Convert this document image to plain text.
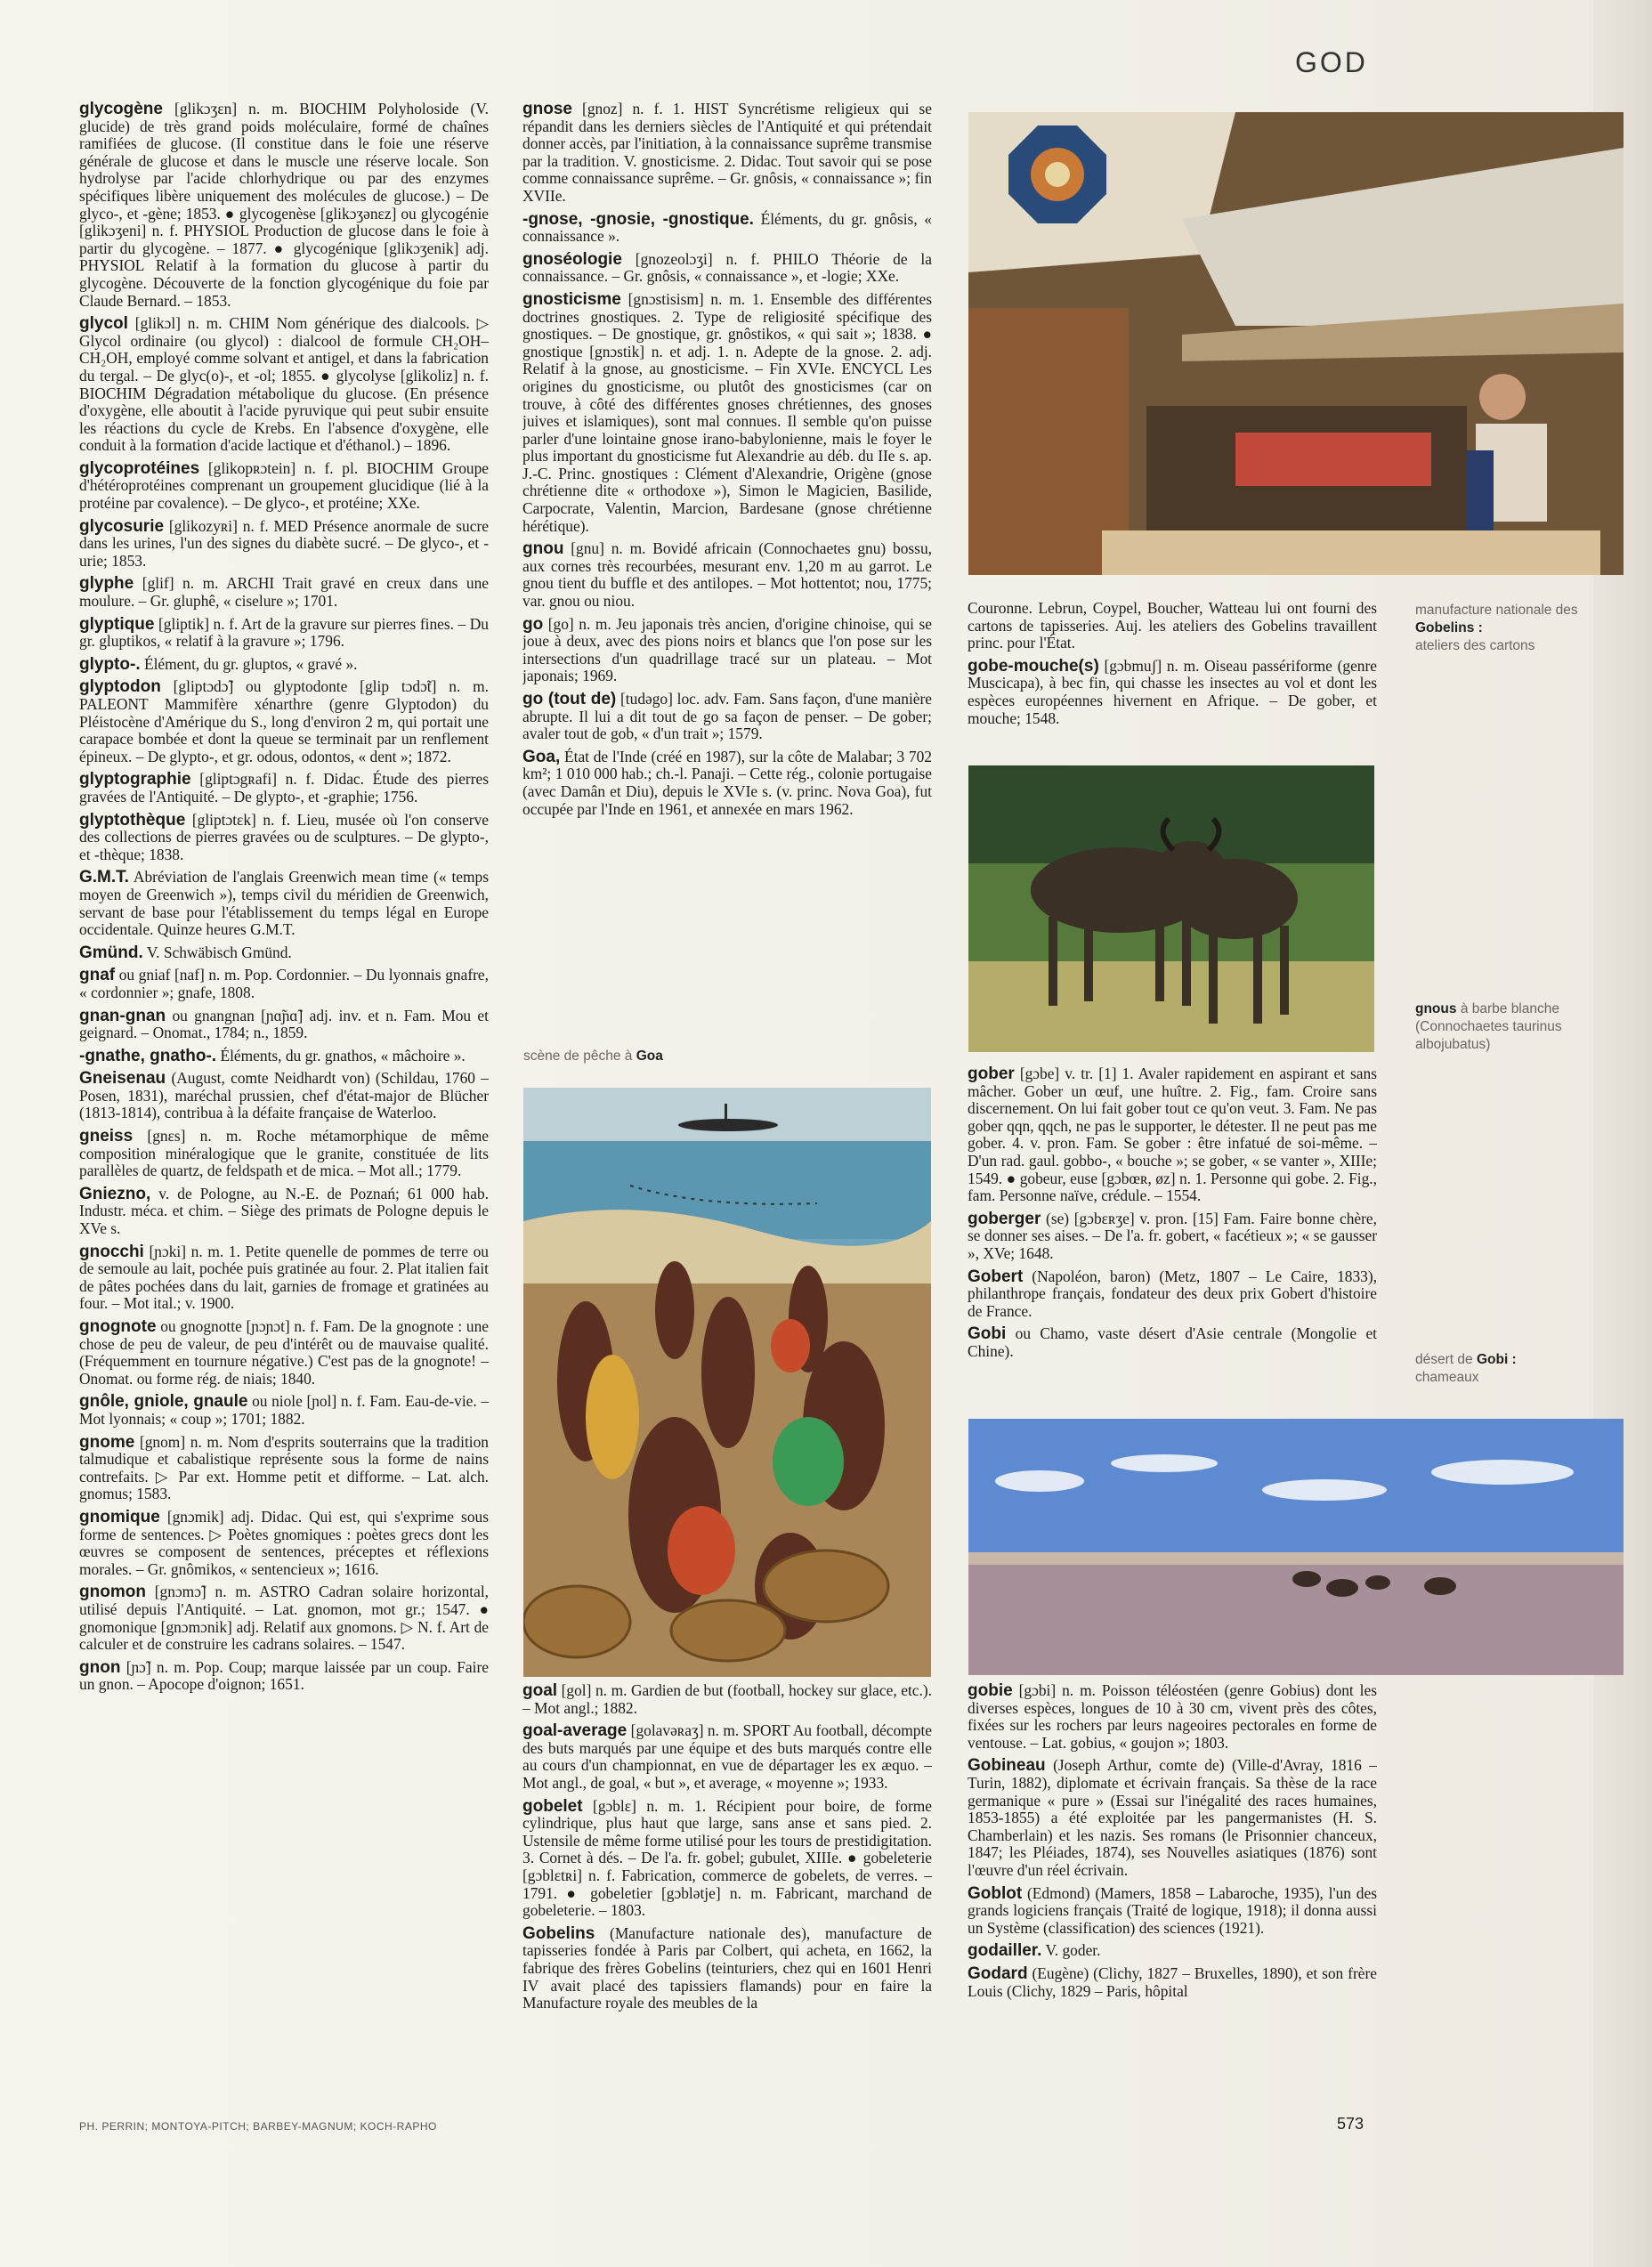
GOD

glycogène [glikɔʒɛn] n. m. BIOCHIM Polyholoside (V. glucide) de très grand poids moléculaire, formé de chaînes ramifiées de glucose. (Il constitue dans le foie une réserve générale de glucose et dans le muscle une réserve locale. Son hydrolyse par l'acide chlorhydrique ou par des enzymes spécifiques libère uniquement des molécules de glucose.) – De glyco-, et -gène; 1853. ● glycogenèse [glikɔʒənɛz] ou glycogénie [glikɔʒeni] n. f. PHYSIOL Production de glucose dans le foie à partir du glycogène. – 1877. ● glycogénique [glikɔʒenik] adj. PHYSIOL Relatif à la formation du glucose à partir du glycogène. Découverte de la fonction glycogénique du foie par Claude Bernard. – 1853.

glycol [glikɔl] n. m. CHIM Nom générique des dialcools. ▷ Glycol ordinaire (ou glycol) : dialcool de formule CH₂OH–CH₂OH, employé comme solvant et antigel, et dans la fabrication du tergal. – De glyc(o)-, et -ol; 1855. ● glycolyse [glikoliz] n. f. BIOCHIM Dégradation métabolique du glucose. (En présence d'oxygène, elle aboutit à l'acide pyruvique qui peut subir ensuite les réactions du cycle de Krebs. En l'absence d'oxygène, elle conduit à la formation d'acide lactique et d'éthanol.) – 1896.

glycoprotéines [glikopʀɔtein] n. f. pl. BIOCHIM Groupe d'hétéroprotéines comprenant un groupement glucidique (lié à la protéine par covalence). – De glyco-, et protéine; XXe.

glycosurie [glikozyʀi] n. f. MED Présence anormale de sucre dans les urines, l'un des signes du diabète sucré. – De glyco-, et -urie; 1853.

glyphe [glif] n. m. ARCHI Trait gravé en creux dans une moulure. – Gr. gluphê, « ciselure »; 1701.

glyptique [gliptik] n. f. Art de la gravure sur pierres fines. – Du gr. gluptikos, « relatif à la gravure »; 1796.

glypto-. Élément, du gr. gluptos, « gravé ».

glyptodon [gliptɔdɔ̃] ou glyptodonte [glip tɔdɔ̃t] n. m. PALEONT Mammifère xénarthre (genre Glyptodon) du Pléistocène d'Amérique du S., long d'environ 2 m, qui portait une carapace bombée et dont la queue se terminait par un renflement épineux. – De glypto-, et gr. odous, odontos, « dent »; 1872.

glyptographie [gliptɔgʀafi] n. f. Didac. Étude des pierres gravées de l'Antiquité. – De glypto-, et -graphie; 1756.

glyptothèque [gliptɔtɛk] n. f. Lieu, musée où l'on conserve des collections de pierres gravées ou de sculptures. – De glypto-, et -thèque; 1838.

G.M.T. Abréviation de l'anglais Greenwich mean time (« temps moyen de Greenwich »), temps civil du méridien de Greenwich, servant de base pour l'établissement du temps légal en Europe occidentale. Quinze heures G.M.T.

Gmünd. V. Schwäbisch Gmünd.

gnaf ou gniaf [naf] n. m. Pop. Cordonnier. – Du lyonnais gnafre, « cordonnier »; gnafe, 1808.

gnan-gnan ou gnangnan [ɲɑ̃ɲɑ̃] adj. inv. et n. Fam. Mou et geignard. – Onomat., 1784; n., 1859.

-gnathe, gnatho-. Éléments, du gr. gnathos, « mâchoire ».

Gneisenau (August, comte Neidhardt von) (Schildau, 1760 – Posen, 1831), maréchal prussien, chef d'état-major de Blücher (1813-1814), contribua à la défaite française de Waterloo.

gneiss [gnɛs] n. m. Roche métamorphique de même composition minéralogique que le granite, constituée de lits parallèles de quartz, de feldspath et de mica. – Mot all.; 1779.

Gniezno, v. de Pologne, au N.-E. de Poznań; 61 000 hab. Industr. méca. et chim. – Siège des primats de Pologne depuis le XVe s.

gnocchi [ɲɔki] n. m. 1. Petite quenelle de pommes de terre ou de semoule au lait, pochée puis gratinée au four. 2. Plat italien fait de pâtes pochées dans du lait, garnies de fromage et gratinées au four. – Mot ital.; v. 1900.

gnognote ou gnognotte [ɲɔɲɔt] n. f. Fam. De la gnognote : une chose de peu de valeur, de peu d'intérêt ou de mauvaise qualité. (Fréquemment en tournure négative.) C'est pas de la gnognote! – Onomat. ou forme rég. de niais; 1840.

gnôle, gniole, gnaule ou niole [ɲol] n. f. Fam. Eau-de-vie. – Mot lyonnais; « coup »; 1701; 1882.

gnome [gnom] n. m. Nom d'esprits souterrains que la tradition talmudique et cabalistique représente sous la forme de nains contrefaits. ▷ Par ext. Homme petit et difforme. – Lat. alch. gnomus; 1583.

gnomique [gnɔmik] adj. Didac. Qui est, qui s'exprime sous forme de sentences. ▷ Poètes gnomiques : poètes grecs dont les œuvres se composent de sentences, préceptes et réflexions morales. – Gr. gnômikos, « sentencieux »; 1616.

gnomon [gnɔmɔ̃] n. m. ASTRO Cadran solaire horizontal, utilisé depuis l'Antiquité. – Lat. gnomon, mot gr.; 1547. ● gnomonique [gnɔmɔnik] adj. Relatif aux gnomons. ▷ N. f. Art de calculer et de construire les cadrans solaires. – 1547.

gnon [ɲɔ̃] n. m. Pop. Coup; marque laissée par un coup. Faire un gnon. – Apocope d'oignon; 1651.

gnose [gnoz] n. f. 1. HIST Syncrétisme religieux qui se répandit dans les derniers siècles de l'Antiquité et qui prétendait donner accès, par l'initiation, à la connaissance suprême transmise par la tradition. V. gnosticisme. 2. Didac. Tout savoir qui se pose comme connaissance suprême. – Gr. gnôsis, « connaissance »; fin XVIIe.

-gnose, -gnosie, -gnostique. Éléments, du gr. gnôsis, « connaissance ».

gnoséologie [gnozeolɔʒi] n. f. PHILO Théorie de la connaissance. – Gr. gnôsis, « connaissance », et -logie; XXe.

gnosticisme [gnɔstisism] n. m. 1. Ensemble des différentes doctrines gnostiques. 2. Type de religiosité spécifique des gnostiques. – De gnostique, gr. gnôstikos, « qui sait »; 1838. ● gnostique [gnɔstik] n. et adj. 1. n. Adepte de la gnose. 2. adj. Relatif à la gnose, au gnosticisme. – Fin XVIe. ENCYCL Les origines du gnosticisme, ou plutôt des gnosticismes (car on trouve, à côté des différentes gnoses chrétiennes, des gnoses juives et islamiques), sont mal connues. Il semble qu'on puisse parler d'une lointaine gnose irano-babylonienne, mais le foyer le plus important du gnosticisme fut Alexandrie au déb. du IIe s. ap. J.-C. Princ. gnostiques : Clément d'Alexandrie, Origène (gnose chrétienne dite « orthodoxe »), Simon le Magicien, Basilide, Carpocrate, Valentin, Marcion, Bardesane (gnose chrétienne hérétique).

gnou [gnu] n. m. Bovidé africain (Connochaetes gnu) bossu, aux cornes très recourbées, mesurant env. 1,20 m au garrot. Le gnou tient du buffle et des antilopes. – Mot hottentot; nou, 1775; var. gnou ou niou.

go [go] n. m. Jeu japonais très ancien, d'origine chinoise, qui se joue à deux, avec des pions noirs et blancs que l'on pose sur les intersections d'un quadrillage tracé sur un plateau. – Mot japonais; 1969.

go (tout de) [tudəgo] loc. adv. Fam. Sans façon, d'une manière abrupte. Il lui a dit tout de go sa façon de penser. – De gober; avaler tout de gob, « d'un trait »; 1579.

Goa, État de l'Inde (créé en 1987), sur la côte de Malabar; 3 702 km²; 1 010 000 hab.; ch.-l. Panaji. – Cette rég., colonie portugaise (avec Damân et Diu), depuis le XVIe s. (v. princ. Nova Goa), fut occupée par l'Inde en 1961, et annexée en mars 1962.

scène de pêche à Goa

goal [gol] n. m. Gardien de but (football, hockey sur glace, etc.). – Mot angl.; 1882.

goal-average [golavəʀaʒ] n. m. SPORT Au football, décompte des buts marqués par une équipe et des buts marqués contre elle au cours d'un championnat, en vue de départager les ex æquo. – Mot angl., de goal, « but », et average, « moyenne »; 1933.

gobelet [gɔblɛ] n. m. 1. Récipient pour boire, de forme cylindrique, plus haut que large, sans anse et sans pied. 2. Ustensile de même forme utilisé pour les tours de prestidigitation. 3. Cornet à dés. – De l'a. fr. gobel; gubulet, XIIIe. ● gobeleterie [gɔblɛtʀi] n. f. Fabrication, commerce de gobelets, de verres. – 1791. ● gobeletier [gɔblətje] n. m. Fabricant, marchand de gobeleterie. – 1803.

Gobelins (Manufacture nationale des), manufacture de tapisseries fondée à Paris par Colbert, qui acheta, en 1662, la fabrique des frères Gobelins (teinturiers, chez qui en 1601 Henri IV avait placé des tapissiers flamands) pour en faire la Manufacture royale des meubles de la

manufacture nationale des Gobelins :
ateliers des cartons

Couronne. Lebrun, Coypel, Boucher, Watteau lui ont fourni des cartons de tapisseries. Auj. les ateliers des Gobelins travaillent princ. pour l'État.

gobe-mouche(s) [gɔbmuʃ] n. m. Oiseau passériforme (genre Muscicapa), à bec fin, qui chasse les insectes au vol et dont les espèces européennes hivernent en Afrique. – De gober, et mouche; 1548.

gnous à barbe blanche
(Connochaetes taurinus albojubatus)

gober [gɔbe] v. tr. [1] 1. Avaler rapidement en aspirant et sans mâcher. Gober un œuf, une huître. 2. Fig., fam. Croire sans discernement. On lui fait gober tout ce qu'on veut. 3. Fam. Ne pas gober qqn, qqch, ne pas le supporter, le détester. Il ne peut pas me gober. 4. v. pron. Fam. Se gober : être infatué de soi-même. – D'un rad. gaul. gobbo-, « bouche »; se gober, « se vanter », XIIIe; 1549. ● gobeur, euse [gɔbœʀ, øz] n. 1. Personne qui gobe. 2. Fig., fam. Personne naïve, crédule. – 1554.

goberger (se) [gɔbɛʀʒe] v. pron. [15] Fam. Faire bonne chère, se donner ses aises. – De l'a. fr. gobert, « facétieux »; « se gausser », XVe; 1648.

Gobert (Napoléon, baron) (Metz, 1807 – Le Caire, 1833), philanthrope français, fondateur des deux prix Gobert d'histoire de France.

Gobi ou Chamo, vaste désert d'Asie centrale (Mongolie et Chine).	désert de Gobi :
chameaux

gobie [gɔbi] n. m. Poisson téléostéen (genre Gobius) dont les diverses espèces, longues de 10 à 30 cm, vivent près des côtes, fixées sur les rochers par leurs nageoires pectorales en forme de ventouse. – Lat. gobius, « goujon »; 1803.

Gobineau (Joseph Arthur, comte de) (Ville-d'Avray, 1816 – Turin, 1882), diplomate et écrivain français. Sa thèse de la race germanique « pure » (Essai sur l'inégalité des races humaines, 1853-1855) a été exploitée par les pangermanistes (H. S. Chamberlain) et les nazis. Ses romans (le Prisonnier chanceux, 1847; les Pléiades, 1874), ses Nouvelles asiatiques (1876) sont l'œuvre d'un réel écrivain.

Goblot (Edmond) (Mamers, 1858 – Labaroche, 1935), l'un des grands logiciens français (Traité de logique, 1918); il donna aussi un Système (classification) des sciences (1921).

godailler. V. goder.

Godard (Eugène) (Clichy, 1827 – Bruxelles, 1890), et son frère Louis (Clichy, 1829 – Paris, hôpital

PH. PERRIN; MONTOYA-PITCH; BARBEY-MAGNUM; KOCH-RAPHO	573
